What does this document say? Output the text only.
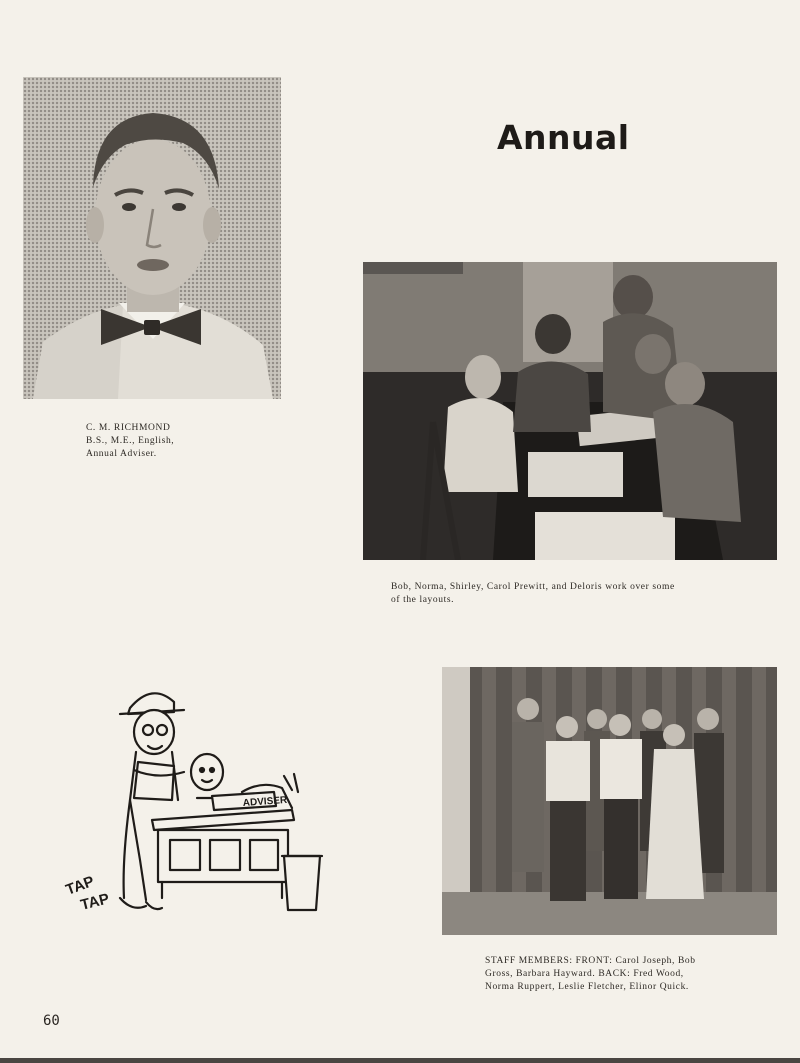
C. M. RICHMOND
B.S., M.E., English,
Annual Adviser.
Annual
Bob, Norma, Shirley, Carol Prewitt, and Deloris work over some
of the layouts.
ADVISER
TAP
TAP
STAFF MEMBERS: FRONT: Carol Joseph, Bob
Gross, Barbara Hayward. BACK: Fred Wood,
Norma Ruppert, Leslie Fletcher, Elinor Quick.
60
